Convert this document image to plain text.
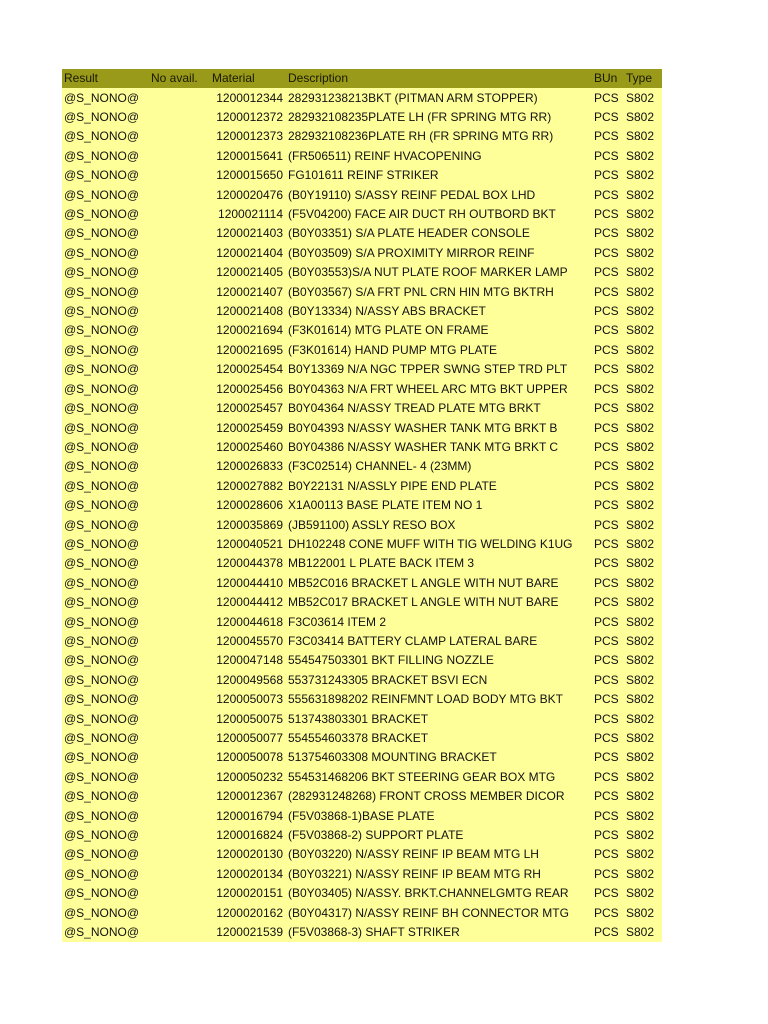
Result	No avail.	Material	Description	BUn	Type
@S_NONO@		1200012344	282931238213BKT (PITMAN ARM STOPPER)	PCS	S802
@S_NONO@		1200012372	282932108235PLATE LH (FR SPRING MTG RR)	PCS	S802
@S_NONO@		1200012373	282932108236PLATE RH (FR SPRING MTG RR)	PCS	S802
@S_NONO@		1200015641	(FR506511) REINF HVACOPENING	PCS	S802
@S_NONO@		1200015650	FG101611 REINF STRIKER	PCS	S802
@S_NONO@		1200020476	(B0Y19110) S/ASSY REINF PEDAL BOX LHD	PCS	S802
@S_NONO@		1200021114	(F5V04200) FACE AIR DUCT RH OUTBORD BKT	PCS	S802
@S_NONO@		1200021403	(B0Y03351) S/A PLATE HEADER CONSOLE	PCS	S802
@S_NONO@		1200021404	(B0Y03509) S/A PROXIMITY MIRROR REINF	PCS	S802
@S_NONO@		1200021405	(B0Y03553)S/A NUT PLATE ROOF MARKER LAMP	PCS	S802
@S_NONO@		1200021407	(B0Y03567) S/A FRT PNL CRN HIN MTG BKTRH	PCS	S802
@S_NONO@		1200021408	(B0Y13334) N/ASSY ABS BRACKET	PCS	S802
@S_NONO@		1200021694	(F3K01614) MTG PLATE ON FRAME	PCS	S802
@S_NONO@		1200021695	(F3K01614) HAND PUMP MTG PLATE	PCS	S802
@S_NONO@		1200025454	B0Y13369 N/A NGC TPPER SWNG STEP TRD PLT	PCS	S802
@S_NONO@		1200025456	B0Y04363 N/A FRT WHEEL ARC MTG BKT UPPER	PCS	S802
@S_NONO@		1200025457	B0Y04364 N/ASSY TREAD PLATE MTG BRKT	PCS	S802
@S_NONO@		1200025459	B0Y04393 N/ASSY WASHER TANK MTG BRKT B	PCS	S802
@S_NONO@		1200025460	B0Y04386 N/ASSY WASHER TANK MTG BRKT C	PCS	S802
@S_NONO@		1200026833	(F3C02514) CHANNEL- 4 (23MM)	PCS	S802
@S_NONO@		1200027882	B0Y22131 N/ASSLY PIPE END PLATE	PCS	S802
@S_NONO@		1200028606	X1A00113 BASE PLATE ITEM NO 1	PCS	S802
@S_NONO@		1200035869	(JB591100) ASSLY RESO BOX	PCS	S802
@S_NONO@		1200040521	DH102248 CONE MUFF WITH TIG WELDING K1UG	PCS	S802
@S_NONO@		1200044378	MB122001 L PLATE BACK ITEM 3	PCS	S802
@S_NONO@		1200044410	MB52C016 BRACKET L ANGLE WITH NUT BARE	PCS	S802
@S_NONO@		1200044412	MB52C017 BRACKET L ANGLE WITH NUT BARE	PCS	S802
@S_NONO@		1200044618	F3C03614 ITEM 2	PCS	S802
@S_NONO@		1200045570	F3C03414 BATTERY CLAMP LATERAL BARE	PCS	S802
@S_NONO@		1200047148	554547503301 BKT FILLING NOZZLE	PCS	S802
@S_NONO@		1200049568	553731243305 BRACKET BSVI ECN	PCS	S802
@S_NONO@		1200050073	555631898202 REINFMNT LOAD BODY MTG BKT	PCS	S802
@S_NONO@		1200050075	513743803301 BRACKET	PCS	S802
@S_NONO@		1200050077	554554603378 BRACKET	PCS	S802
@S_NONO@		1200050078	513754603308 MOUNTING BRACKET	PCS	S802
@S_NONO@		1200050232	554531468206 BKT STEERING GEAR BOX MTG	PCS	S802
@S_NONO@		1200012367	(282931248268) FRONT CROSS MEMBER DICOR	PCS	S802
@S_NONO@		1200016794	(F5V03868-1)BASE PLATE	PCS	S802
@S_NONO@		1200016824	(F5V03868-2) SUPPORT PLATE	PCS	S802
@S_NONO@		1200020130	(B0Y03220) N/ASSY REINF IP BEAM MTG LH	PCS	S802
@S_NONO@		1200020134	(B0Y03221) N/ASSY REINF IP BEAM MTG RH	PCS	S802
@S_NONO@		1200020151	(B0Y03405) N/ASSY. BRKT.CHANNELGMTG REAR	PCS	S802
@S_NONO@		1200020162	(B0Y04317) N/ASSY REINF BH CONNECTOR MTG	PCS	S802
@S_NONO@		1200021539	(F5V03868-3) SHAFT STRIKER	PCS	S802
